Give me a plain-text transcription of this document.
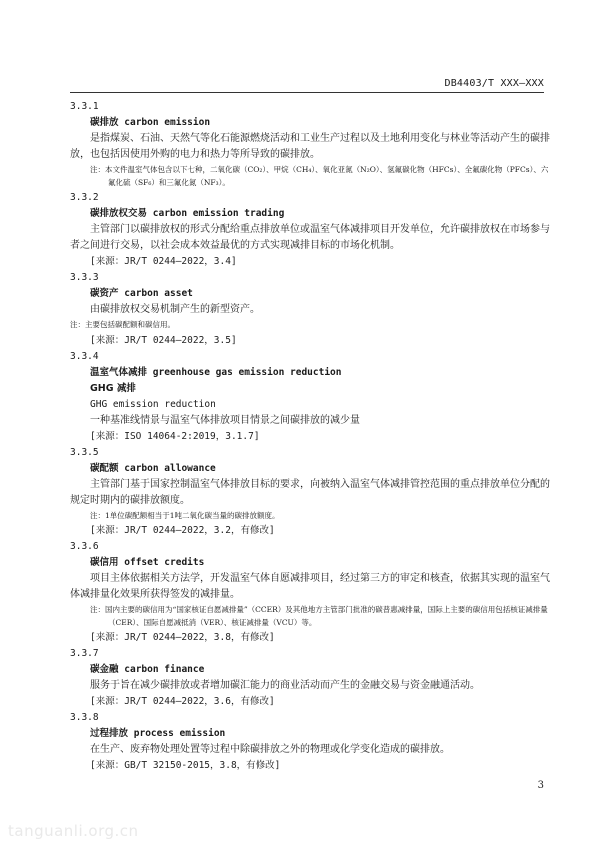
DB4403/T XXX—XXX
3.3.1
碳排放 carbon emission

是指煤炭、石油、天然气等化石能源燃烧活动和工业生产过程以及土地利用变化与林业等活动产生的碳排放，也包括因使用外购的电力和热力等所导致的碳排放。

注：本文件温室气体包含以下七种，二氧化碳（CO₂）、甲烷（CH₄）、氧化亚氮（N₂O）、氢氟碳化物（HFCs）、全氟碳化物（PFCs）、六氟化硫（SF₆）和三氟化氮（NF₃）。

3.3.2
碳排放权交易 carbon emission trading

主管部门以碳排放权的形式分配给重点排放单位或温室气体减排项目开发单位，允许碳排放权在市场参与者之间进行交易，以社会成本效益最优的方式实现减排目标的市场化机制。

[来源：JR/T 0244—2022，3.4]
3.3.3
碳资产 carbon asset

由碳排放权交易机制产生的新型资产。

注：主要包括碳配额和碳信用。

[来源：JR/T 0244—2022，3.5]
3.3.4
温室气体减排 greenhouse gas emission reduction
GHG 减排
GHG emission reduction

一种基准线情景与温室气体排放项目情景之间碳排放的减少量

[来源：ISO 14064-2:2019，3.1.7]
3.3.5
碳配额 carbon allowance

主管部门基于国家控制温室气体排放目标的要求，向被纳入温室气体减排管控范围的重点排放单位分配的规定时期内的碳排放额度。

注：1单位碳配额相当于1吨二氧化碳当量的碳排放额度。

[来源：JR/T 0244—2022，3.2，有修改]
3.3.6
碳信用 offset credits

项目主体依据相关方法学，开发温室气体自愿减排项目，经过第三方的审定和核查，依据其实现的温室气体减排量化效果所获得签发的减排量。

注：国内主要的碳信用为“国家核证自愿减排量”（CCER）及其他地方主管部门批准的碳普惠减排量，国际上主要的碳信用包括核证减排量（CER）、国际自愿减抵消（VER）、核证减排量（VCU）等。

[来源：JR/T 0244—2022，3.8，有修改]
3.3.7
碳金融 carbon finance

服务于旨在减少碳排放或者增加碳汇能力的商业活动而产生的金融交易与资金融通活动。

[来源：JR/T 0244—2022，3.6，有修改]
3.3.8
过程排放 process emission

在生产、废弃物处理处置等过程中除碳排放之外的物理或化学变化造成的碳排放。

[来源：GB/T 32150-2015，3.8，有修改]
3
tanguanli.org.cn
